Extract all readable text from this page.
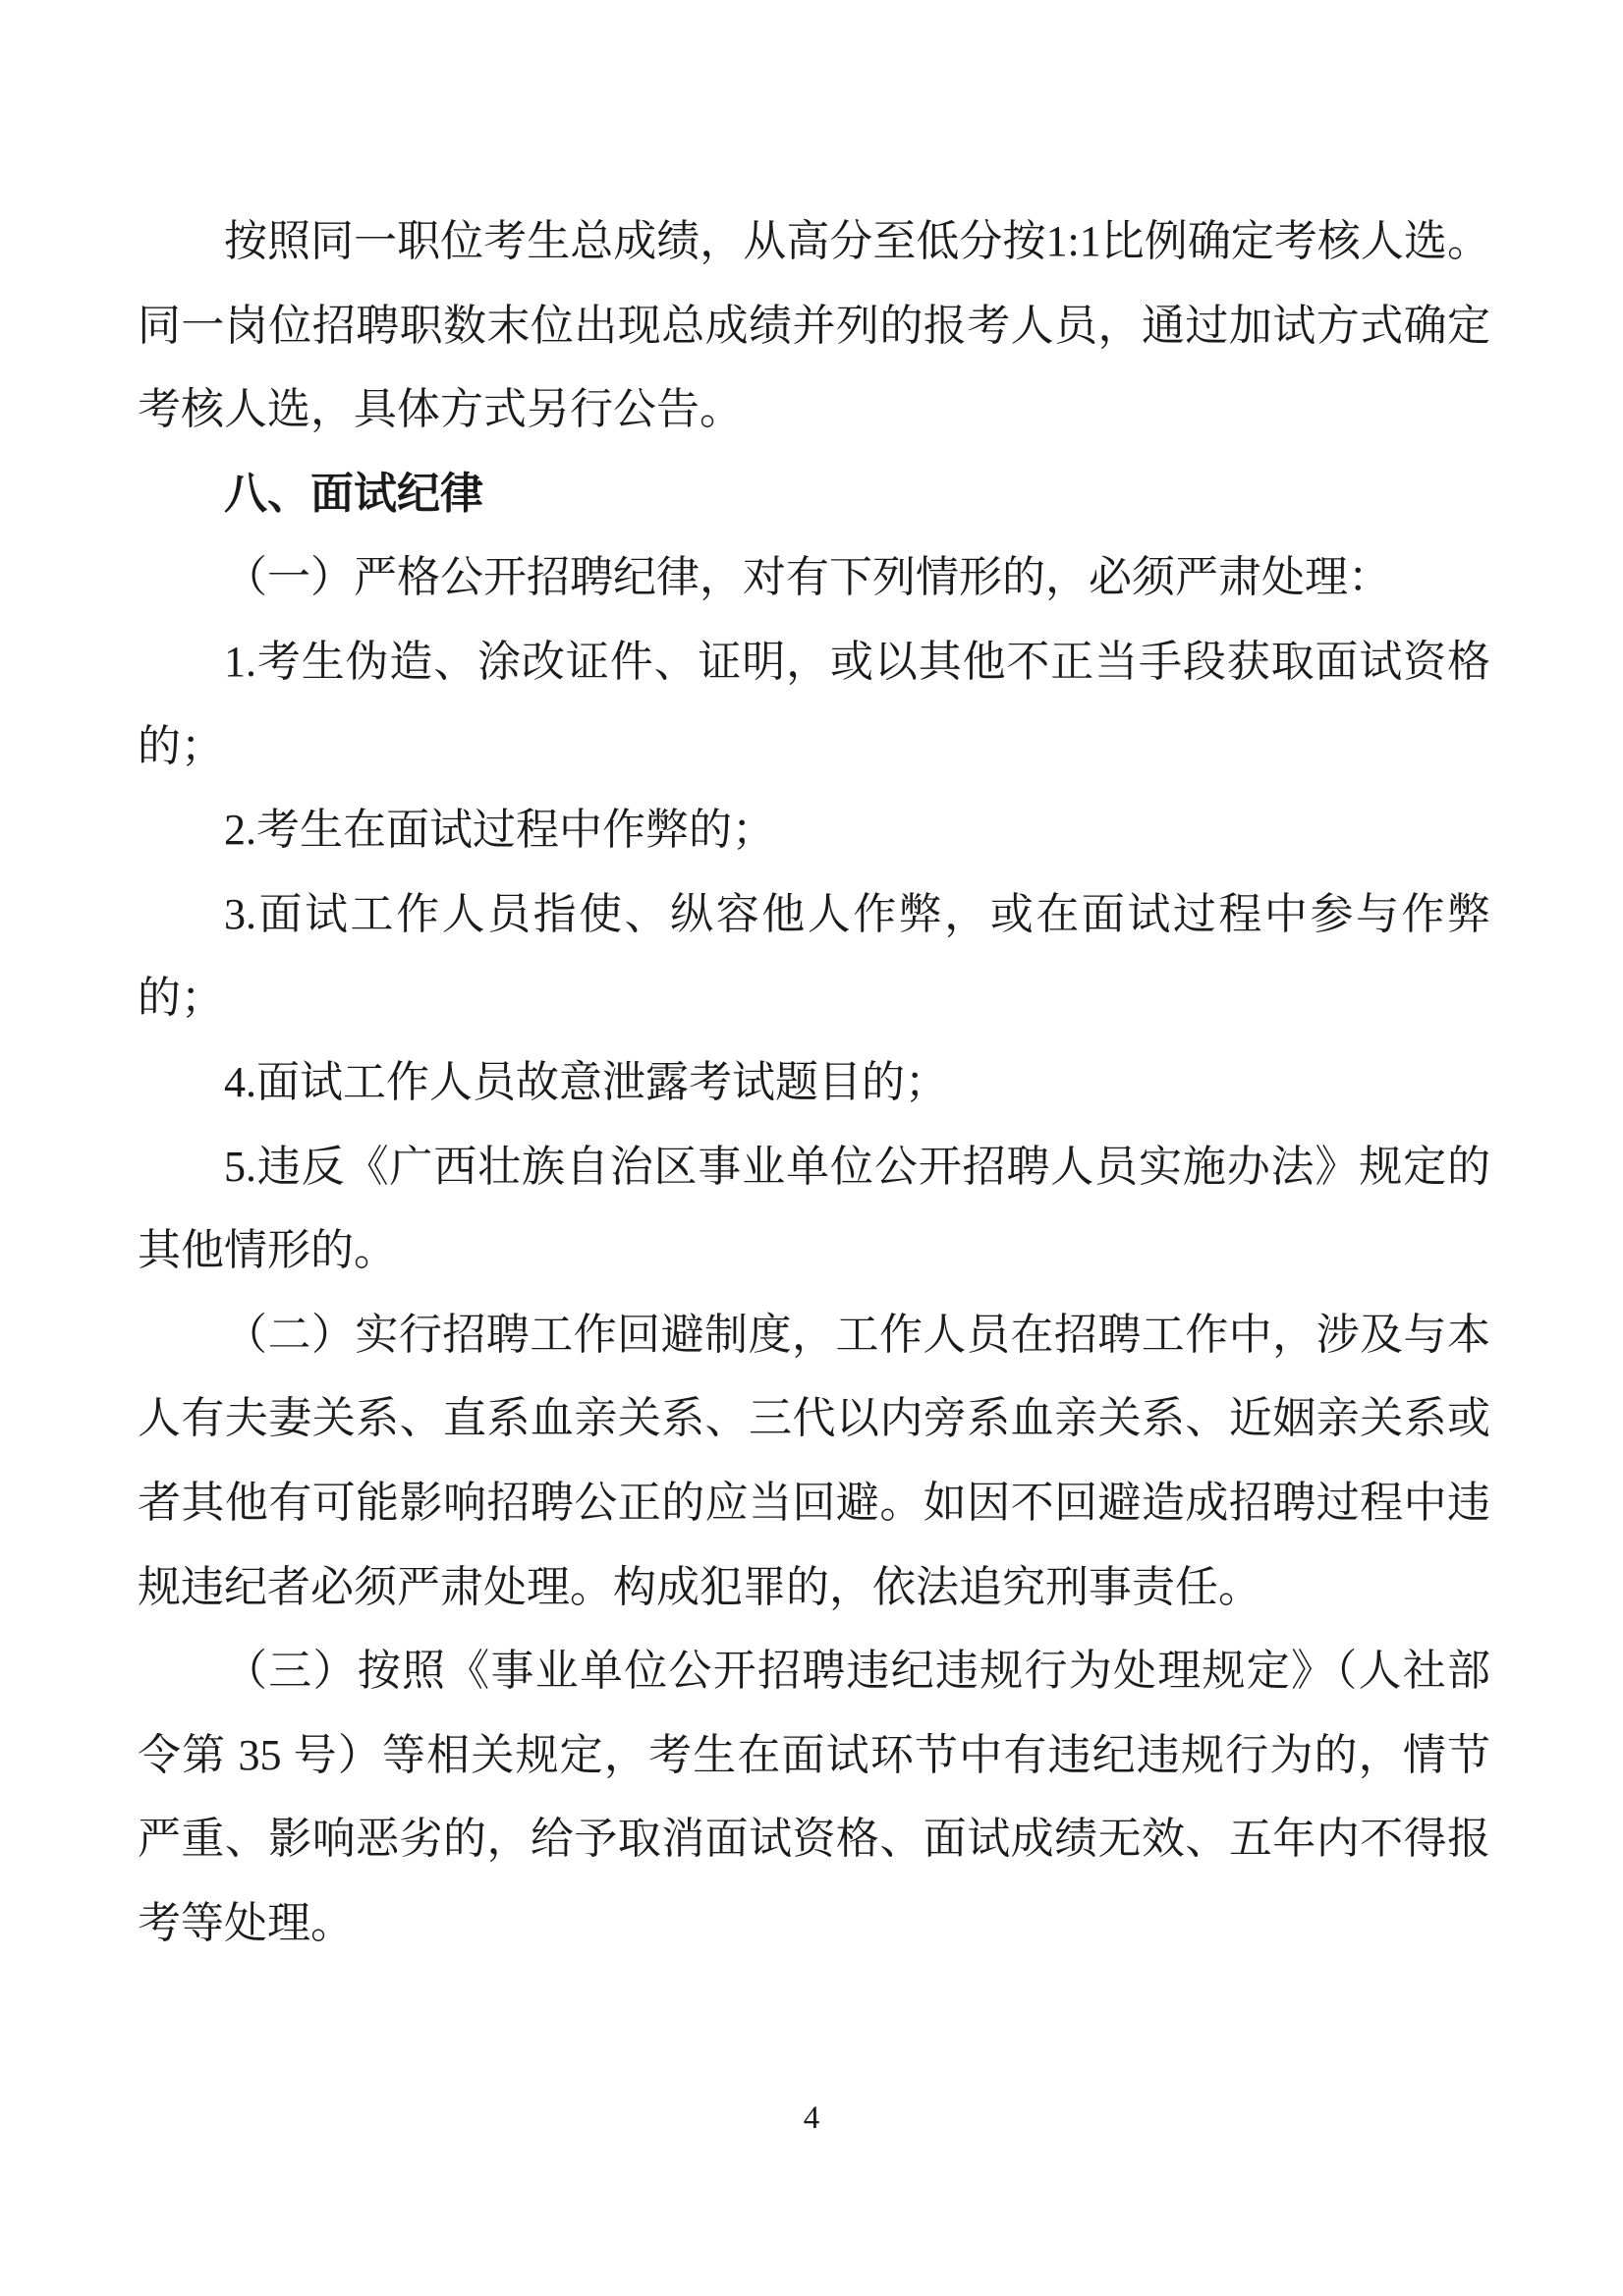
按照同一职位考生总成绩，从高分至低分按1:1比例确定考核人选。同一岗位招聘职数末位出现总成绩并列的报考人员，通过加试方式确定考核人选，具体方式另行公告。

八、面试纪律

（一）严格公开招聘纪律，对有下列情形的，必须严肃处理：

1.考生伪造、涂改证件、证明，或以其他不正当手段获取面试资格的；

2.考生在面试过程中作弊的；

3.面试工作人员指使、纵容他人作弊，或在面试过程中参与作弊的；

4.面试工作人员故意泄露考试题目的；

5.违反《广西壮族自治区事业单位公开招聘人员实施办法》规定的其他情形的。

（二）实行招聘工作回避制度，工作人员在招聘工作中，涉及与本人有夫妻关系、直系血亲关系、三代以内旁系血亲关系、近姻亲关系或者其他有可能影响招聘公正的应当回避。如因不回避造成招聘过程中违规违纪者必须严肃处理。构成犯罪的，依法追究刑事责任。

（三）按照《事业单位公开招聘违纪违规行为处理规定》（人社部令第 35 号）等相关规定，考生在面试环节中有违纪违规行为的，情节严重、影响恶劣的，给予取消面试资格、面试成绩无效、五年内不得报考等处理。

4
